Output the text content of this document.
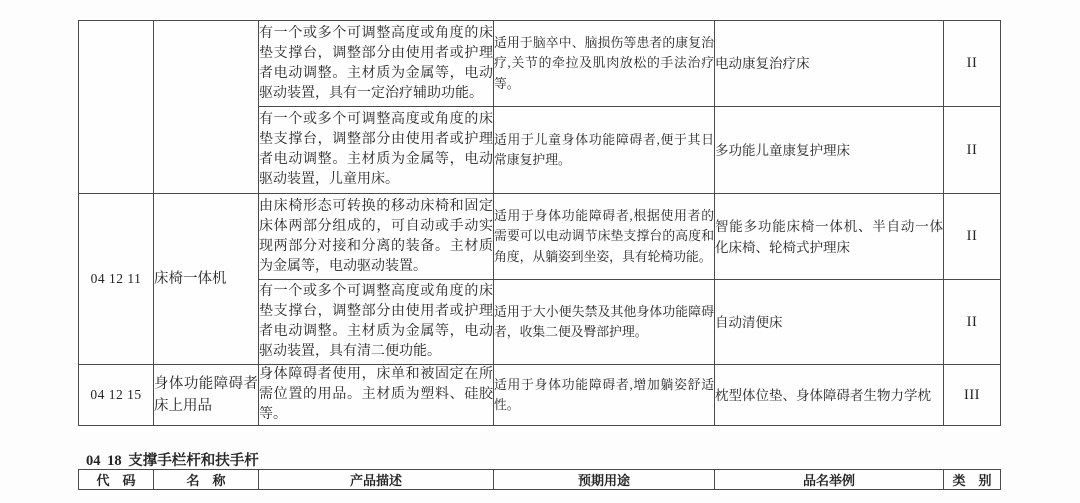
		有一个或多个可调整高度或角度的床垫支撑台，调整部分由使用者或护理者电动调整。主材质为金属等，电动驱动装置，具有一定治疗辅助功能。	适用于脑卒中、脑损伤等患者的康复治疗,关节的牵拉及肌肉放松的手法治疗等。	电动康复治疗床	II
		有一个或多个可调整高度或角度的床垫支撑台，调整部分由使用者或护理者电动调整。主材质为金属等，电动驱动装置，儿童用床。	适用于儿童身体功能障碍者,便于其日常康复护理。	多功能儿童康复护理床	II
04 12 11	床椅一体机	由床椅形态可转换的移动床椅和固定床体两部分组成的，可自动或手动实现两部分对接和分离的装备。主材质为金属等，电动驱动装置。	适用于身体功能障碍者,根据使用者的需要可以电动调节床垫支撑台的高度和角度，从躺姿到坐姿，具有轮椅功能。	智能多功能床椅一体机、半自动一体化床椅、轮椅式护理床	II
		有一个或多个可调整高度或角度的床垫支撑台，调整部分由使用者或护理者电动调整。主材质为金属等，电动驱动装置，具有清二便功能。	适用于大小便失禁及其他身体功能障碍者，收集二便及臀部护理。	自动清便床	II
04 12 15	身体功能障碍者床上用品	身体障碍者使用，床单和被固定在所需位置的用品。主材质为塑料、硅胶等。	适用于身体功能障碍者,增加躺姿舒适性。	枕型体位垫、身体障碍者生物力学枕	III
04 18 支撑手栏杆和扶手杆
代　码	名　称	产品描述	预期用途	品名举例	类　别
